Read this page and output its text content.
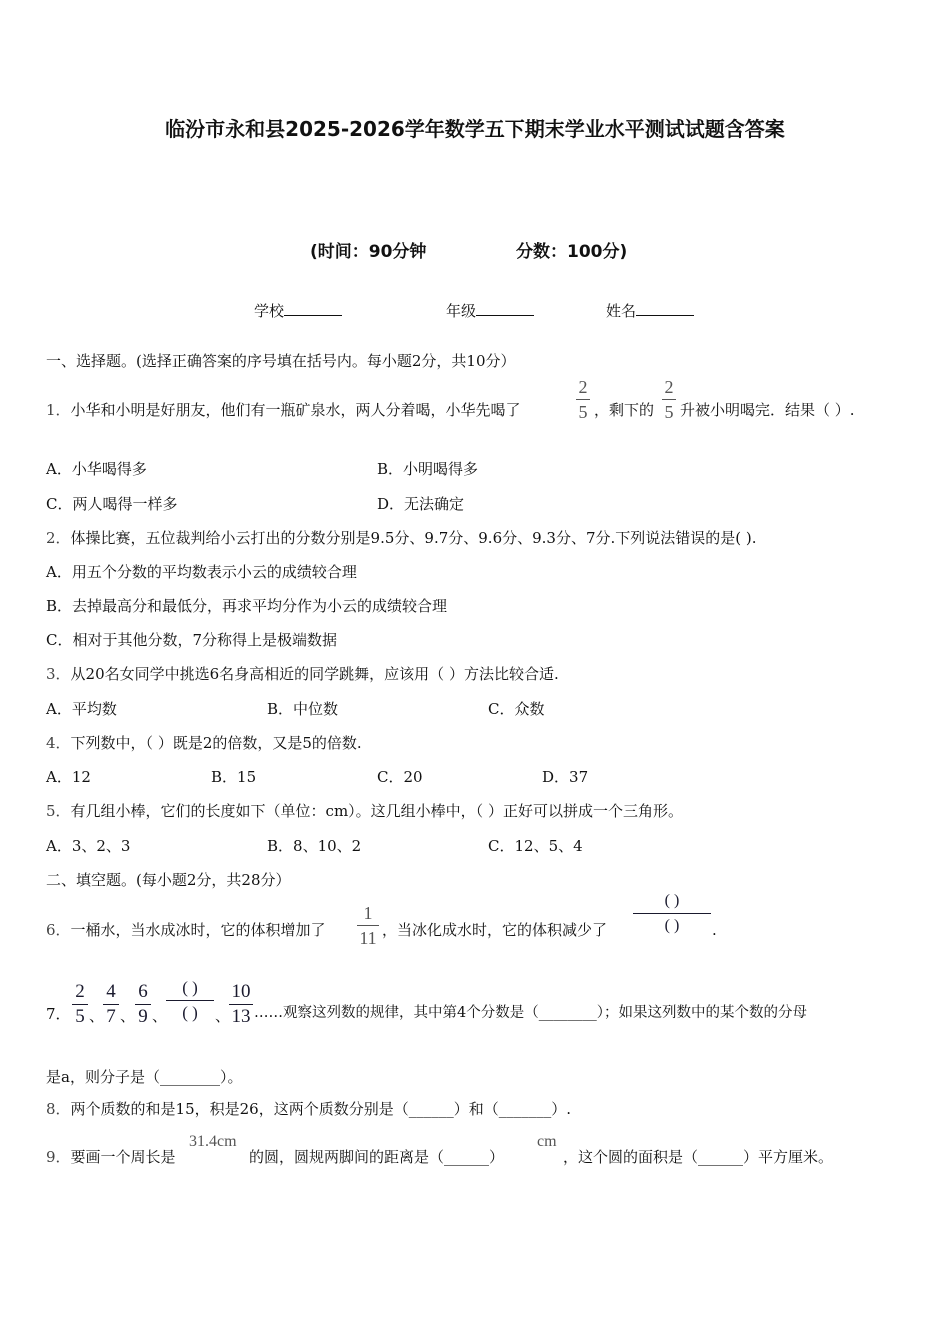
临汾市永和县2025-2026学年数学五下期末学业水平测试试题含答案
(时间：90分钟	分数：100分)
学校	年级	姓名
一、选择题。(选择正确答案的序号填在括号内。每小题2分，共10分）
1．小华和小明是好朋友，他们有一瓶矿泉水，两人分着喝，小华先喝了
2
5 ，剩下的
2
5 升被小明喝完．结果（ ）.
A．小华喝得多	B．小明喝得多
C．两人喝得一样多	D．无法确定
2．体操比赛，五位裁判给小云打出的分数分别是9.5分、9.7分、9.6分、9.3分、7分.下列说法错误的是( ).
A．用五个分数的平均数表示小云的成绩较合理
B．去掉最高分和最低分，再求平均分作为小云的成绩较合理
C．相对于其他分数，7分称得上是极端数据
3．从20名女同学中挑选6名身高相近的同学跳舞，应该用（ ）方法比较合适.
A．平均数	B．中位数	C．众数
4．下列数中，（ ）既是2的倍数，又是5的倍数.
A．12	B．15	C．20	D．37
5．有几组小棒，它们的长度如下（单位：cm）。这几组小棒中，（ ）正好可以拼成一个三角形。
A．3、2、3	B．8、10、2	C．12、5、4
二、填空题。(每小题2分，共28分）
6．一桶水，当水成冰时，它的体积增加了
1
11 ，当冰化成水时，它的体积减少了
( )
( )	.
7．
2
5 、
4
7 、
6
9 、
( )
( )	、
10
13 ……观察这列数的规律，其中第4个分数是（________）；如果这列数中的某个数的分母
是a，则分子是（________）。
8．两个质数的和是15，积是26，这两个质数分别是（______）和（_______）.
9．要画一个周长是
31.4cm
的圆，圆规两脚间的距离是（______）
cm
，这个圆的面积是（______）平方厘米。
